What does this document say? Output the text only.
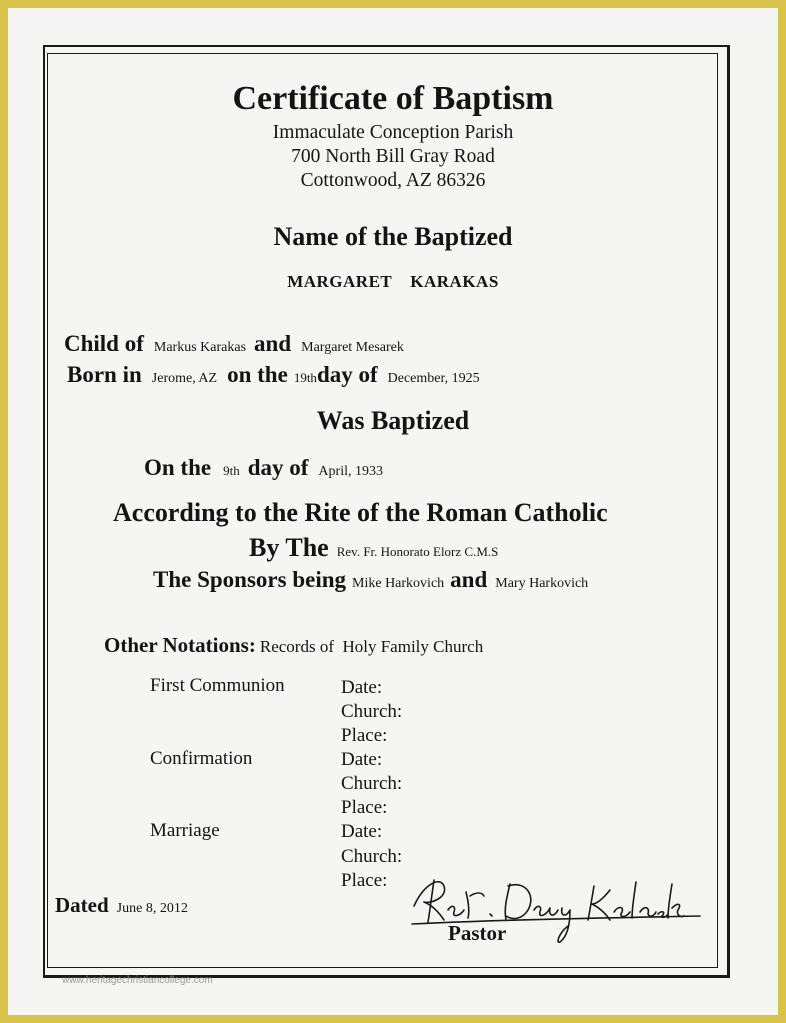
Certificate of Baptism
Immaculate Conception Parish
700 North Bill Gray Road
Cottonwood, AZ 86326
Name of the Baptized
MARGARET KARAKAS
Child of Markus Karakas and Margaret Mesarek
Born in Jerome, AZ on the 19thday of December, 1925
Was Baptized
On the 9th day of April, 1933
According to the Rite of the Roman Catholic
By The Rev. Fr. Honorato Elorz C.M.S
The Sponsors being Mike Harkovich and Mary Harkovich
Other Notations: Records of  Holy Family Church
First Communion	Date:
Church:
Place:
Confirmation	Date:
Church:
Place:
Marriage	Date:
Church:
Place:
Dated June 8, 2012
Pastor
www.heritagechristiancollege.com
